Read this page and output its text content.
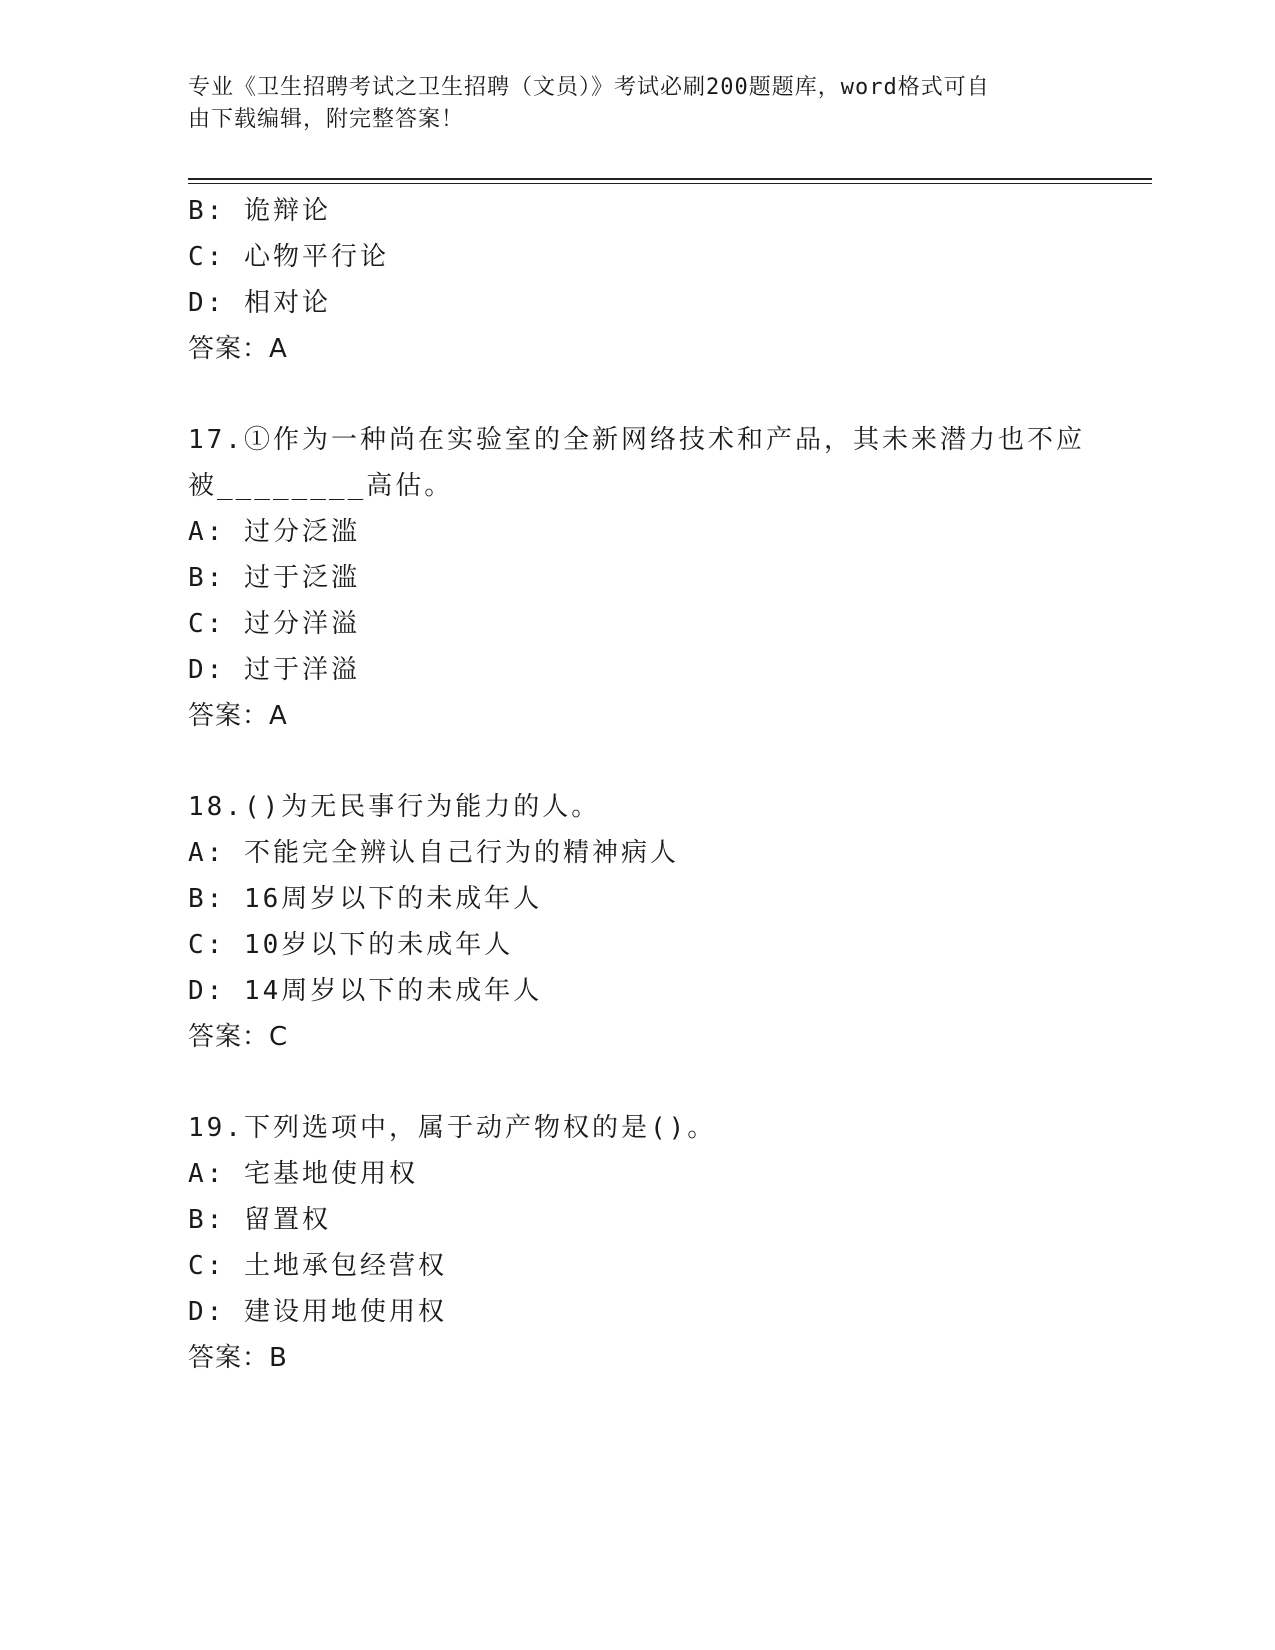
专业《卫生招聘考试之卫生招聘（文员）》考试必刷200题题库，word格式可自
由下载编辑，附完整答案！
B: 诡辩论
C: 心物平行论
D: 相对论
答案：A
17.①作为一种尚在实验室的全新网络技术和产品，其未来潜力也不应
被________高估。
A: 过分泛滥
B: 过于泛滥
C: 过分洋溢
D: 过于洋溢
答案：A
18.()为无民事行为能力的人。
A: 不能完全辨认自己行为的精神病人
B: 16周岁以下的未成年人
C: 10岁以下的未成年人
D: 14周岁以下的未成年人
答案：C
19.下列选项中，属于动产物权的是()。
A: 宅基地使用权
B: 留置权
C: 土地承包经营权
D: 建设用地使用权
答案：B
